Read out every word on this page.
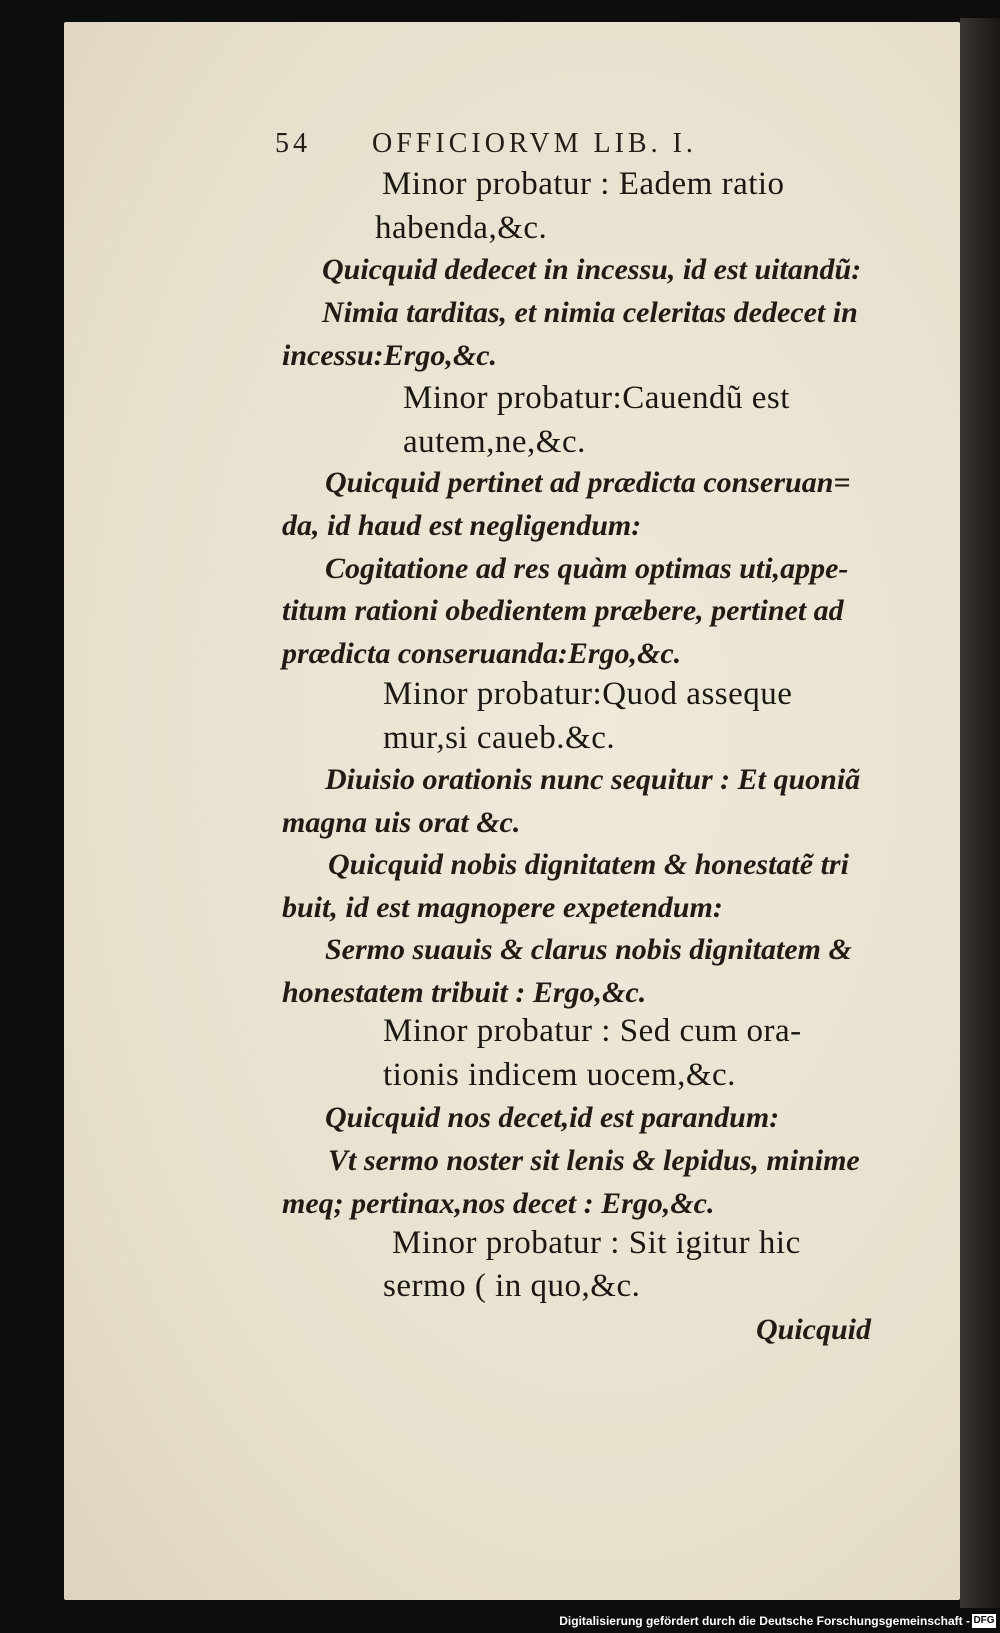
54 OFFICIORVM LIB. I.
Minor probatur : Eadem ratio
habenda,&c.
Quicquid dedecet in incessu, id est uitandũ:
Nimia tarditas, et nimia celeritas dedecet in
incessu:Ergo,&c.
Minor probatur:Cauendũ est
autem,ne,&c.
Quicquid pertinet ad prædicta conseruan=
da, id haud est negligendum:
Cogitatione ad res quàm optimas uti,appe-
titum rationi obedientem præbere, pertinet ad
prædicta conseruanda:Ergo,&c.
Minor probatur:Quod asseque
mur,si caueb.&c.
Diuisio orationis nunc sequitur : Et quoniã
magna uis orat &c.
Quicquid nobis dignitatem & honestatẽ tri
buit, id est magnopere expetendum:
Sermo suauis & clarus nobis dignitatem &
honestatem tribuit : Ergo,&c.
Minor probatur : Sed cum ora-
tionis indicem uocem,&c.
Quicquid nos decet,id est parandum:
Vt sermo noster sit lenis & lepidus, minime
meq; pertinax,nos decet : Ergo,&c.
Minor probatur : Sit igitur hic
sermo ( in quo,&c.
Quicquid
Digitalisierung gefördert durch die Deutsche Forschungsgemeinschaft - DFG
